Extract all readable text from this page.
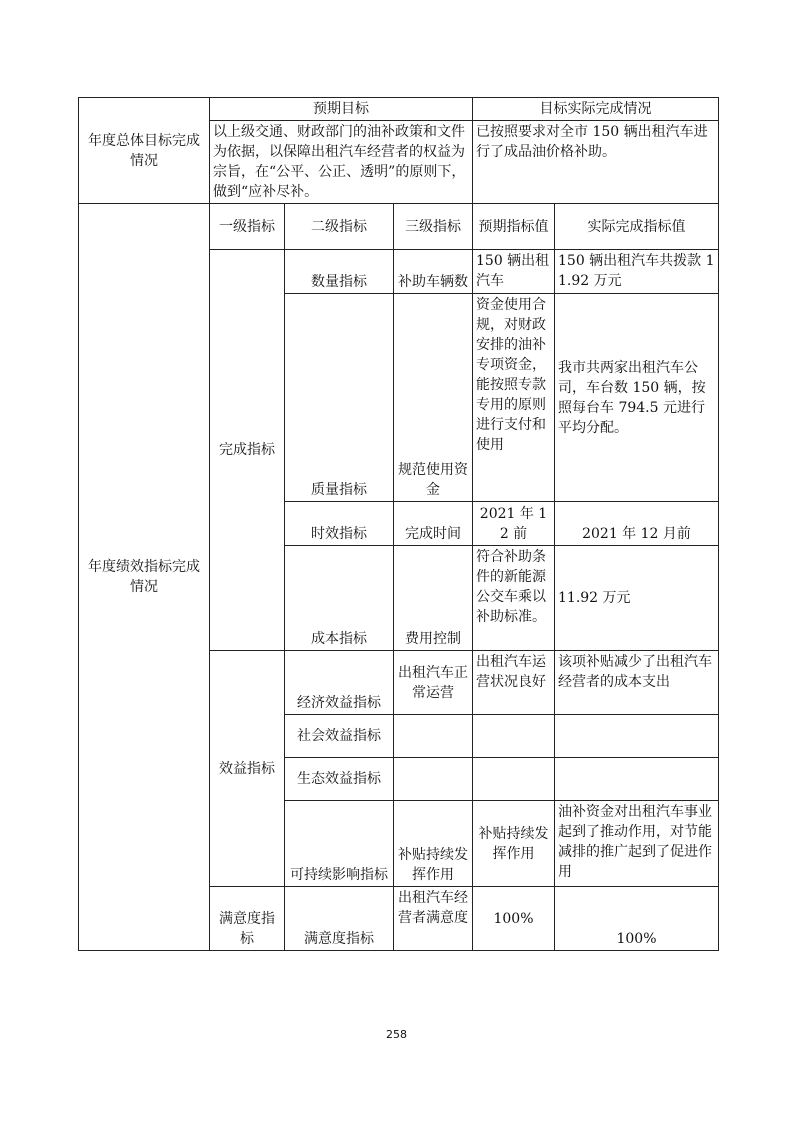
年度总体目标完成情况	预期目标			目标实际完成情况	
	以上级交通、财政部门的油补政策和文件为依据，以保障出租汽车经营者的权益为宗旨，在“公平、公正、透明”的原则下，做到“应补尽补。			已按照要求对全市 150 辆出租汽车进行了成品油价格补助。	
年度绩效指标完成情况	一级指标	二级指标	三级指标	预期指标值	实际完成指标值
	完成指标	数量指标	补助车辆数	150 辆出租汽车	150 辆出租汽车共拨款 11.92 万元
		质量指标	规范使用资金	资金使用合规，对财政安排的油补专项资金，能按照专款专用的原则进行支付和使用	我市共两家出租汽车公司，车台数 150 辆，按照每台车 794.5 元进行平均分配。
		时效指标	完成时间	2021 年 12 前	2021 年 12 月前
		成本指标	费用控制	符合补助条件的新能源公交车乘以补助标准。	11.92 万元
	效益指标	经济效益指标	出租汽车正常运营	出租汽车运营状况良好	该项补贴减少了出租汽车经营者的成本支出
		社会效益指标			
		生态效益指标			
		可持续影响指标	补贴持续发挥作用	补贴持续发挥作用	油补资金对出租汽车事业起到了推动作用，对节能减排的推广起到了促进作用
	满意度指标	满意度指标	出租汽车经营者满意度	100%	100%
258
